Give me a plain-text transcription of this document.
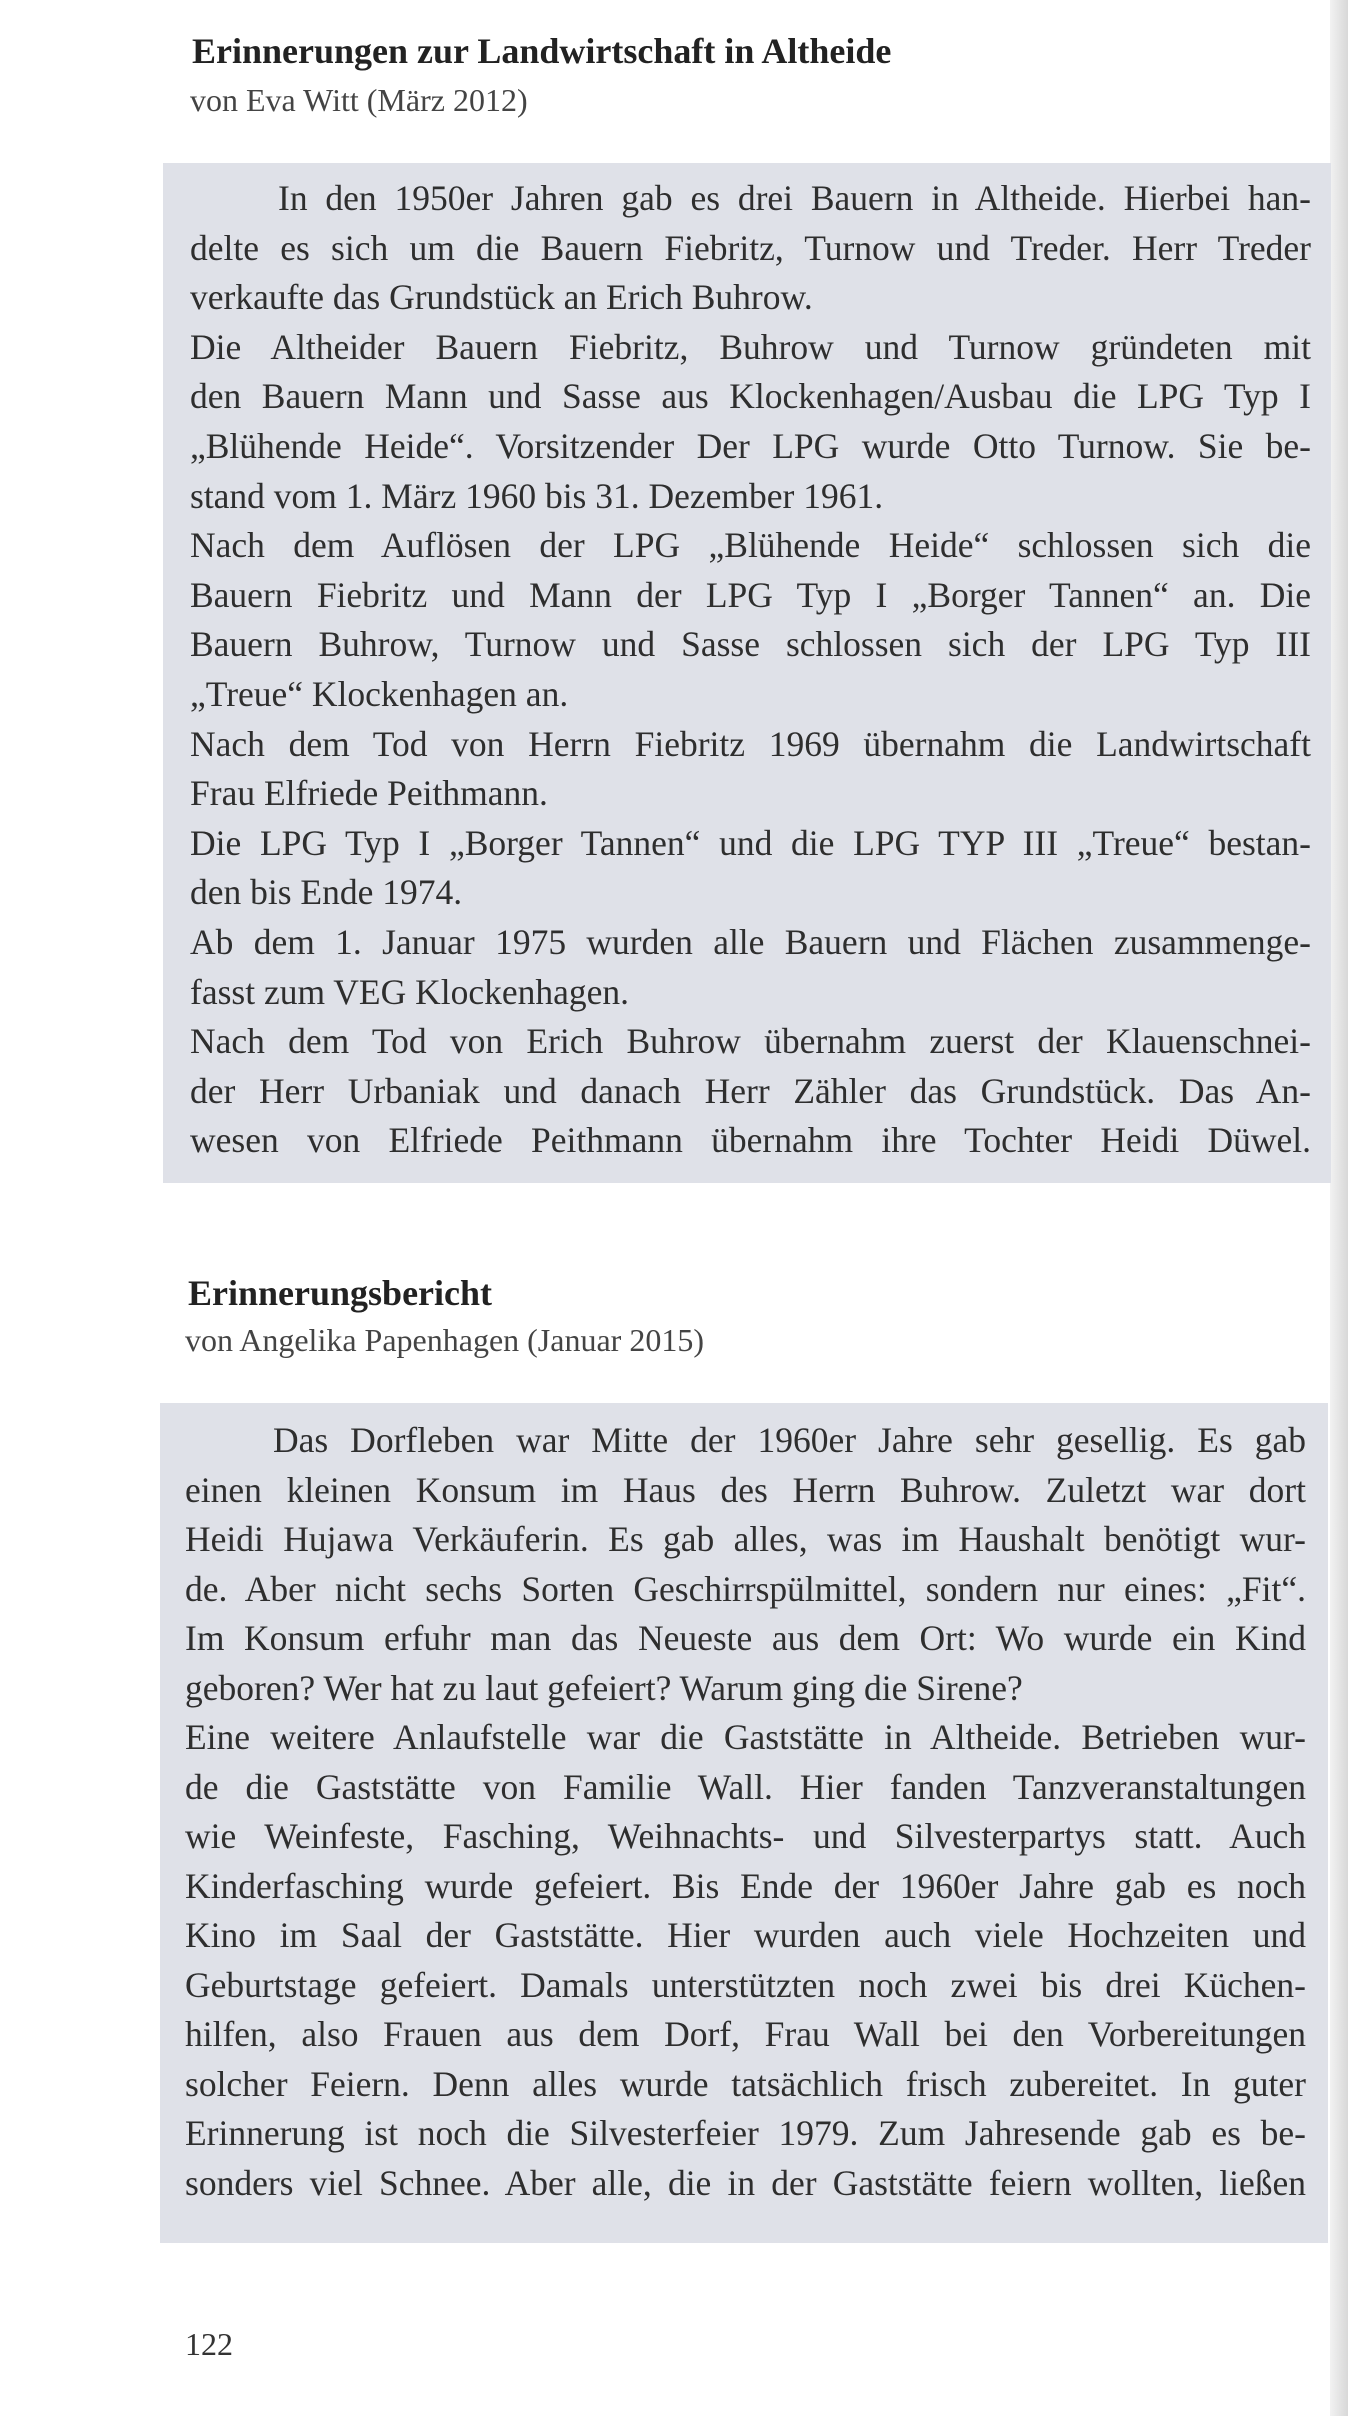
Erinnerungen zur Landwirtschaft in Altheide
von Eva Witt (März 2012)
In den 1950er Jahren gab es drei Bauern in Altheide. Hierbei han-
delte es sich um die Bauern Fiebritz, Turnow und Treder. Herr Treder
verkaufte das Grundstück an Erich Buhrow.
Die Altheider Bauern Fiebritz, Buhrow und Turnow gründeten mit
den Bauern Mann und Sasse aus Klockenhagen/Ausbau die LPG Typ I
„Blühende Heide“. Vorsitzender Der LPG wurde Otto Turnow. Sie be-
stand vom 1. März 1960 bis 31. Dezember 1961.
Nach dem Auflösen der LPG „Blühende Heide“ schlossen sich die
Bauern Fiebritz und Mann der LPG Typ I „Borger Tannen“ an. Die
Bauern Buhrow, Turnow und Sasse schlossen sich der LPG Typ III
„Treue“ Klockenhagen an.
Nach dem Tod von Herrn Fiebritz 1969 übernahm die Landwirtschaft
Frau Elfriede Peithmann.
Die LPG Typ I „Borger Tannen“ und die LPG TYP III „Treue“ bestan-
den bis Ende 1974.
Ab dem 1. Januar 1975 wurden alle Bauern und Flächen zusammenge-
fasst zum VEG Klockenhagen.
Nach dem Tod von Erich Buhrow übernahm zuerst der Klauenschnei-
der Herr Urbaniak und danach Herr Zähler das Grundstück. Das An-
wesen von Elfriede Peithmann übernahm ihre Tochter Heidi Düwel.
Erinnerungsbericht
von Angelika Papenhagen (Januar 2015)
Das Dorfleben war Mitte der 1960er Jahre sehr gesellig. Es gab
einen kleinen Konsum im Haus des Herrn Buhrow. Zuletzt war dort
Heidi Hujawa Verkäuferin. Es gab alles, was im Haushalt benötigt wur-
de. Aber nicht sechs Sorten Geschirrspülmittel, sondern nur eines: „Fit“.
Im Konsum erfuhr man das Neueste aus dem Ort: Wo wurde ein Kind
geboren? Wer hat zu laut gefeiert? Warum ging die Sirene?
Eine weitere Anlaufstelle war die Gaststätte in Altheide. Betrieben wur-
de die Gaststätte von Familie Wall. Hier fanden Tanzveranstaltungen
wie Weinfeste, Fasching, Weihnachts- und Silvesterpartys statt. Auch
Kinderfasching wurde gefeiert. Bis Ende der 1960er Jahre gab es noch
Kino im Saal der Gaststätte. Hier wurden auch viele Hochzeiten und
Geburtstage gefeiert. Damals unterstützten noch zwei bis drei Küchen-
hilfen, also Frauen aus dem Dorf, Frau Wall bei den Vorbereitungen
solcher Feiern. Denn alles wurde tatsächlich frisch zubereitet. In guter
Erinnerung ist noch die Silvesterfeier 1979. Zum Jahresende gab es be-
sonders viel Schnee. Aber alle, die in der Gaststätte feiern wollten, ließen
122
